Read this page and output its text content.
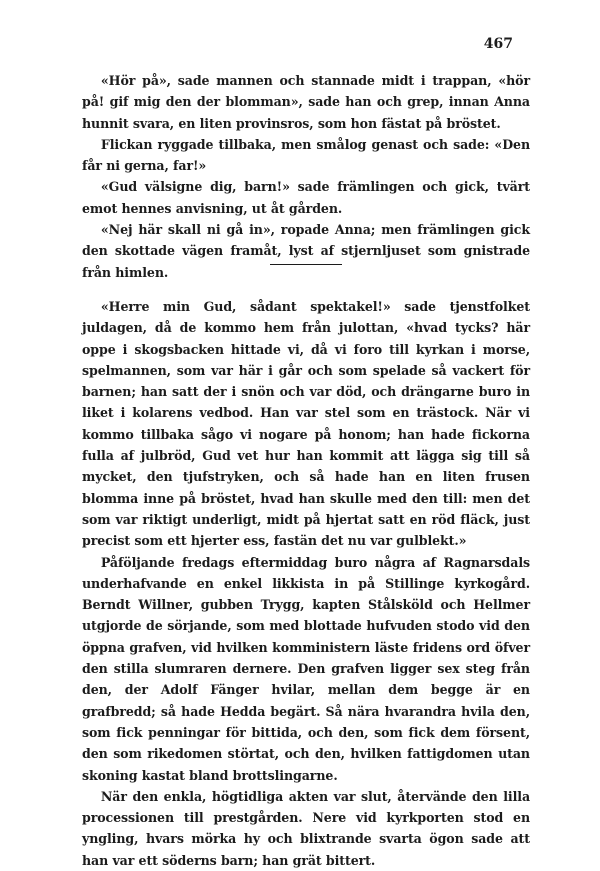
467

«Hör på», sade mannen och stannade midt i trappan, «hör på! gif mig den der blomman», sade han och grep, innan Anna hunnit svara, en liten provinsros, som hon fästat på bröstet.

Flickan ryggade tillbaka, men smålog genast och sade: «Den får ni gerna, far!»

«Gud välsigne dig, barn!» sade främlingen och gick, tvärt emot hennes anvisning, ut åt gården.

«Nej här skall ni gå in», ropade Anna; men främlingen gick den skottade vägen framåt, lyst af stjernljuset som gnistrade från himlen.

«Herre min Gud, sådant spektakel!» sade tjenstfolket juldagen, då de kommo hem från julottan, «hvad tycks? här oppe i skogsbacken hittade vi, då vi foro till kyrkan i morse, spelmannen, som var här i går och som spelade så vackert för barnen; han satt der i snön och var död, och drängarne buro in liket i kolarens vedbod. Han var stel som en trästock. När vi kommo tillbaka sågo vi nogare på honom; han hade fickorna fulla af julbröd, Gud vet hur han kommit att lägga sig till så mycket, den tjufstryken, och så hade han en liten frusen blomma inne på bröstet, hvad han skulle med den till: men det som var riktigt underligt, midt på hjertat satt en röd fläck, just precist som ett hjerter ess, fastän det nu var gulblekt.»

Påföljande fredags eftermiddag buro några af Ragnarsdals underhafvande en enkel likkista in på Stillinge kyrkogård. Berndt Willner, gubben Trygg, kapten Stålsköld och Hellmer utgjorde de sörjande, som med blottade hufvuden stodo vid den öppna grafven, vid hvilken komministern läste fridens ord öfver den stilla slumraren dernere. Den grafven ligger sex steg från den, der Adolf Fänger hvilar, mellan dem begge är en grafbredd; så hade Hedda begärt. Så nära hvarandra hvila den, som fick penningar för bittida, och den, som fick dem försent, den som rikedomen störtat, och den, hvilken fattigdomen utan skoning kastat bland brottslingarne.

När den enkla, högtidliga akten var slut, återvände den lilla processionen till prestgården. Nere vid kyrkporten stod en yngling, hvars mörka hy och blixtrande svarta ögon sade att han var ett söderns barn; han grät bittert.
